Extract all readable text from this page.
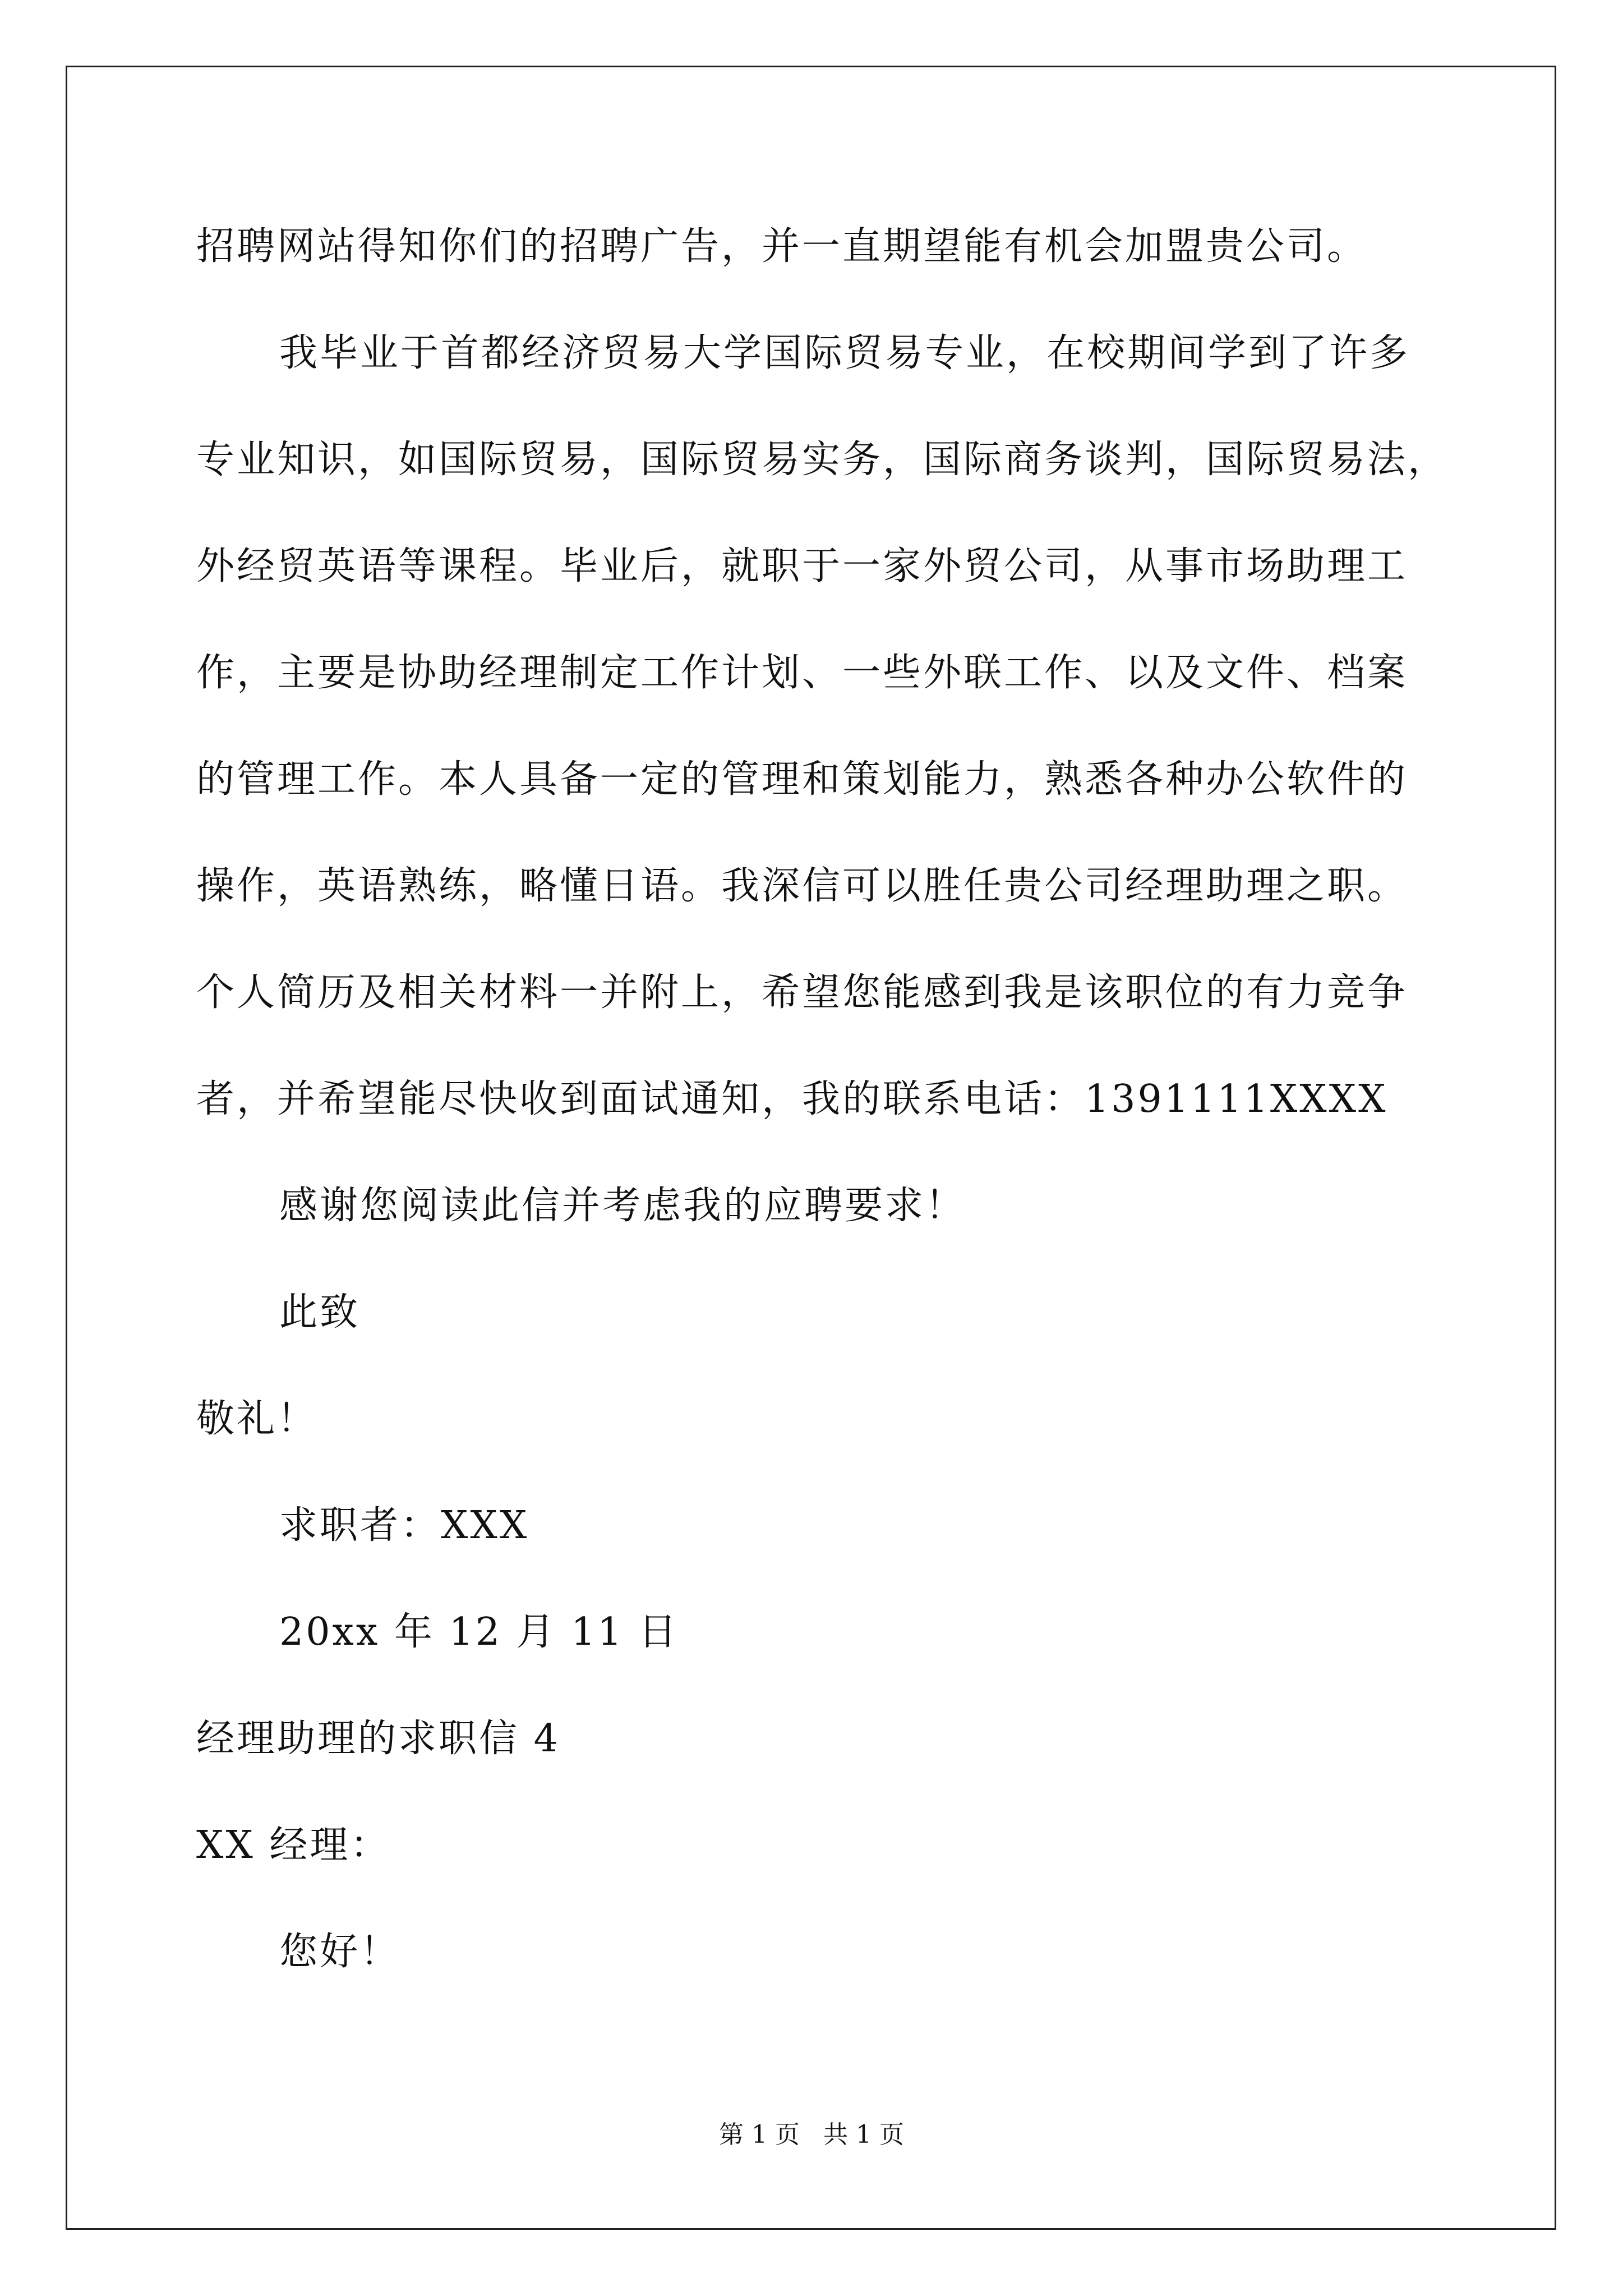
招聘网站得知你们的招聘广告，并一直期望能有机会加盟贵公司。
我毕业于首都经济贸易大学国际贸易专业，在校期间学到了许多
专业知识，如国际贸易，国际贸易实务，国际商务谈判，国际贸易法，
外经贸英语等课程。毕业后，就职于一家外贸公司，从事市场助理工
作，主要是协助经理制定工作计划、一些外联工作、以及文件、档案
的管理工作。本人具备一定的管理和策划能力，熟悉各种办公软件的
操作，英语熟练，略懂日语。我深信可以胜任贵公司经理助理之职。
个人简历及相关材料一并附上，希望您能感到我是该职位的有力竞争
者，并希望能尽快收到面试通知，我的联系电话：1391111XXXX
感谢您阅读此信并考虑我的应聘要求！
此致
敬礼！
求职者：XXX
20xx 年 12 月 11 日
经理助理的求职信 4
XX 经理：
您好！
第 1 页   共 1 页
